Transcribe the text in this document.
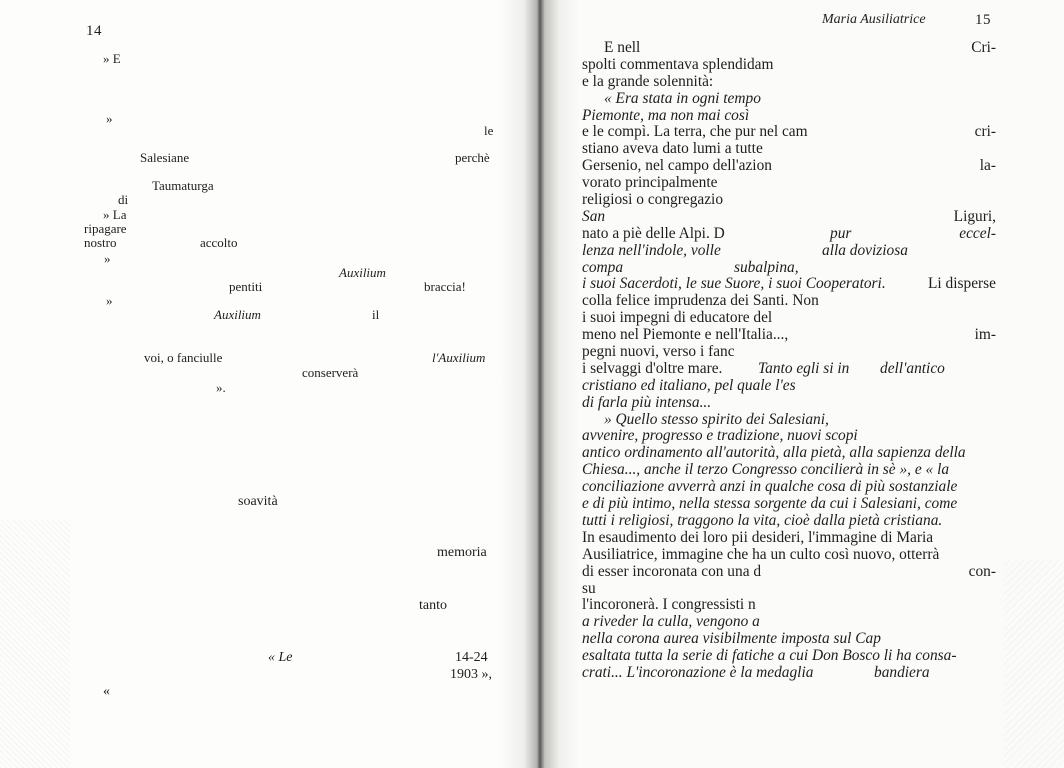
14
» E
»
le
Salesiane	perchè
Taumaturga
di
» La
ripagare
nostro	accolto
»
Auxilium
pentiti	braccia!
»
Auxilium	il
voi, o fanciulle	l'Auxilium
conserverà
».
soavità
memoria
tanto
« Le	14-24
1903 »,
«
Maria Ausiliatrice	15
E nell	Cri-
spolti commentava splendidam
e la grande solennità:
« Era stata in ogni tempo
Piemonte, ma non mai così
e le compì. La terra, che pur nel cam	cri-
stiano aveva dato lumi a tutte
Gersenio, nel campo dell'azion	la-
vorato principalmente
religiosi o congregazio
San	Liguri,
nato a piè delle Alpi. D	pur	eccel-
lenza nell'indole, volle	alla doviziosa
compa	subalpina,
i suoi Sacerdoti, le sue Suore, i suoi Cooperatori.	Li disperse
colla felice imprudenza dei Santi. Non
i suoi impegni di educatore del
meno nel Piemonte e nell'Italia...,	im-
pegni nuovi, verso i fanc
i selvaggi d'oltre mare. Tanto egli si in dell'antico
cristiano ed italiano, pel quale l'es
di farla più intensa...
» Quello stesso spirito dei Salesiani,
avvenire, progresso e tradizione, nuovi scopi
antico ordinamento all'autorità, alla pietà, alla sapienza della
Chiesa..., anche il terzo Congresso concilierà in sè », e « la
conciliazione avverrà anzi in qualche cosa di più sostanziale
e di più intimo, nella stessa sorgente da cui i Salesiani, come
tutti i religiosi, traggono la vita, cioè dalla pietà cristiana.
In esaudimento dei loro pii desideri, l'immagine di Maria
Ausiliatrice, immagine che ha un culto così nuovo, otterrà
di esser incoronata con una d	con-
su
l'incoronerà. I congressisti n
a riveder la culla, vengono a
nella corona aurea visibilmente imposta sul Cap
esaltata tutta la serie di fatiche a cui Don Bosco li ha consa-
crati... L'incoronazione è la medaglia	bandiera
